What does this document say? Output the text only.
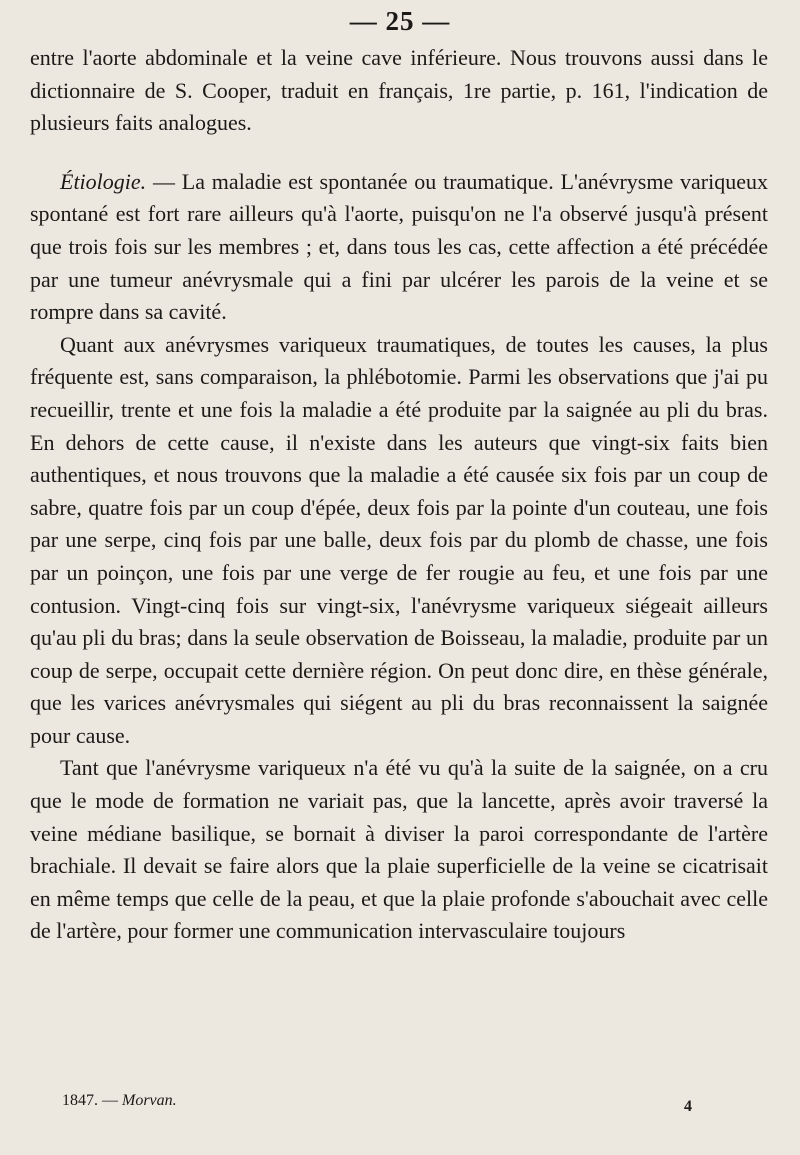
— 25 —

entre l'aorte abdominale et la veine cave inférieure. Nous trouvons aussi dans le dictionnaire de S. Cooper, traduit en français, 1re partie, p. 161, l'indication de plusieurs faits analogues.

Étiologie. — La maladie est spontanée ou traumatique. L'anévrysme variqueux spontané est fort rare ailleurs qu'à l'aorte, puisqu'on ne l'a observé jusqu'à présent que trois fois sur les membres ; et, dans tous les cas, cette affection a été précédée par une tumeur anévrysmale qui a fini par ulcérer les parois de la veine et se rompre dans sa cavité.

Quant aux anévrysmes variqueux traumatiques, de toutes les causes, la plus fréquente est, sans comparaison, la phlébotomie. Parmi les observations que j'ai pu recueillir, trente et une fois la maladie a été produite par la saignée au pli du bras. En dehors de cette cause, il n'existe dans les auteurs que vingt-six faits bien authentiques, et nous trouvons que la maladie a été causée six fois par un coup de sabre, quatre fois par un coup d'épée, deux fois par la pointe d'un couteau, une fois par une serpe, cinq fois par une balle, deux fois par du plomb de chasse, une fois par un poinçon, une fois par une verge de fer rougie au feu, et une fois par une contusion. Vingt-cinq fois sur vingt-six, l'anévrysme variqueux siégeait ailleurs qu'au pli du bras; dans la seule observation de Boisseau, la maladie, produite par un coup de serpe, occupait cette dernière région. On peut donc dire, en thèse générale, que les varices anévrysmales qui siégent au pli du bras reconnaissent la saignée pour cause.

Tant que l'anévrysme variqueux n'a été vu qu'à la suite de la saignée, on a cru que le mode de formation ne variait pas, que la lancette, après avoir traversé la veine médiane basilique, se bornait à diviser la paroi correspondante de l'artère brachiale. Il devait se faire alors que la plaie superficielle de la veine se cicatrisait en même temps que celle de la peau, et que la plaie profonde s'abouchait avec celle de l'artère, pour former une communication intervasculaire toujours

1847. — Morvan.	4
